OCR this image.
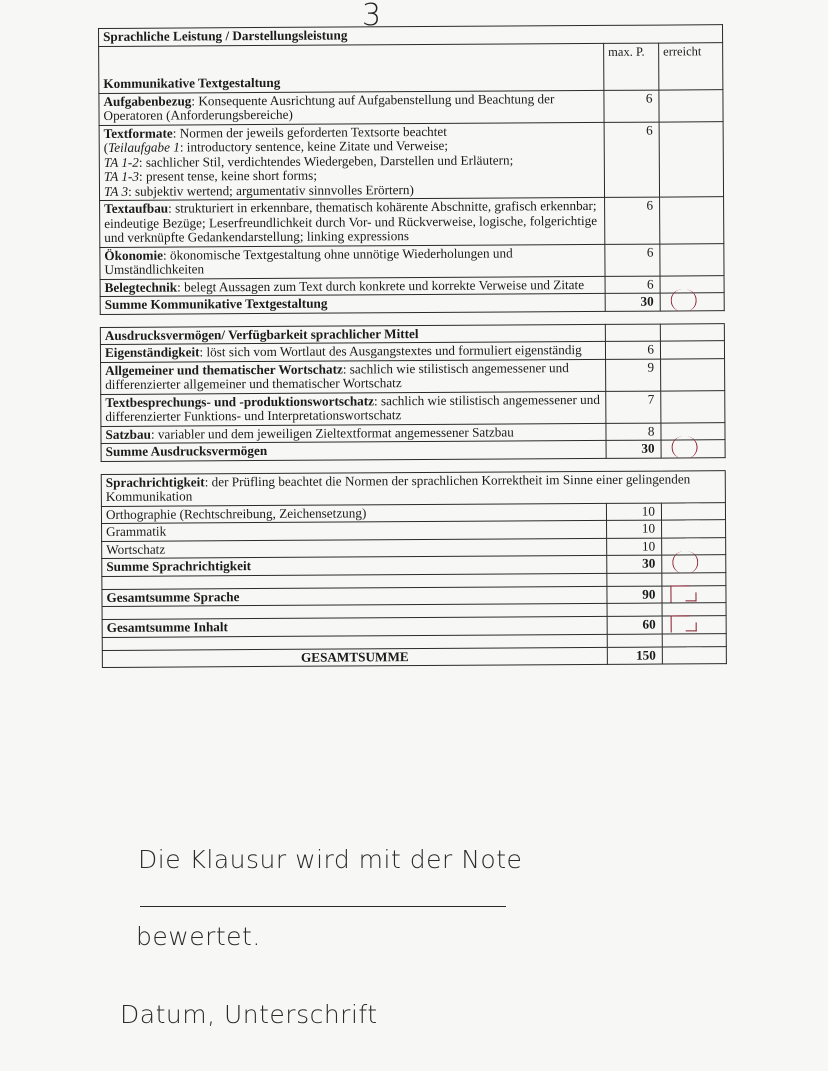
3
Sprachliche Leistung / Darstellungsleistung		
Kommunikative Textgestaltung	max. P.	erreicht
Aufgabenbezug: Konsequente Ausrichtung auf Aufgabenstellung und Beachtung der Operatoren (Anforderungsbereiche)	6	
Textformate: Normen der jeweils geforderten Textsorte beachtet
(Teilaufgabe 1: introductory sentence, keine Zitate und Verweise;
TA 1-2: sachlicher Stil, verdichtendes Wiedergeben, Darstellen und Erläutern;
TA 1-3: present tense, keine short forms;
TA 3: subjektiv wertend; argumentativ sinnvolles Erörtern)	6	
Textaufbau: strukturiert in erkennbare, thematisch kohärente Abschnitte, grafisch erkennbar; eindeutige Bezüge; Leserfreundlichkeit durch Vor- und Rückverweise, logische, folgerichtige und verknüpfte Gedankendarstellung; linking expressions	6	
Ökonomie: ökonomische Textgestaltung ohne unnötige Wiederholungen und Umständlichkeiten	6	
Belegtechnik: belegt Aussagen zum Text durch konkrete und korrekte Verweise und Zitate	6	
Summe Kommunikative Textgestaltung	30	

Ausdrucksvermögen/ Verfügbarkeit sprachlicher Mittel		
Eigenständigkeit: löst sich vom Wortlaut des Ausgangstextes und formuliert eigenständig	6	
Allgemeiner und thematischer Wortschatz: sachlich wie stilistisch angemessener und differenzierter allgemeiner und thematischer Wortschatz	9	
Textbesprechungs- und -produktionswortschatz: sachlich wie stilistisch angemessener und differenzierter Funktions- und Interpretationswortschatz	7	
Satzbau: variabler und dem jeweiligen Zieltextformat angemessener Satzbau	8	
Summe Ausdrucksvermögen	30	

Sprachrichtigkeit: der Prüfling beachtet die Normen der sprachlichen Korrektheit im Sinne einer gelingenden Kommunikation		
Orthographie (Rechtschreibung, Zeichensetzung)	10	

Grammatik	10	

Wortschatz	10	

Summe Sprachrichtigkeit	30	

Gesamtsumme Sprache	90	

Gesamtsumme Inhalt	60	

GESAMTSUMME	150	
Die Klausur wird mit der Note
bewertet.
Datum, Unterschrift
